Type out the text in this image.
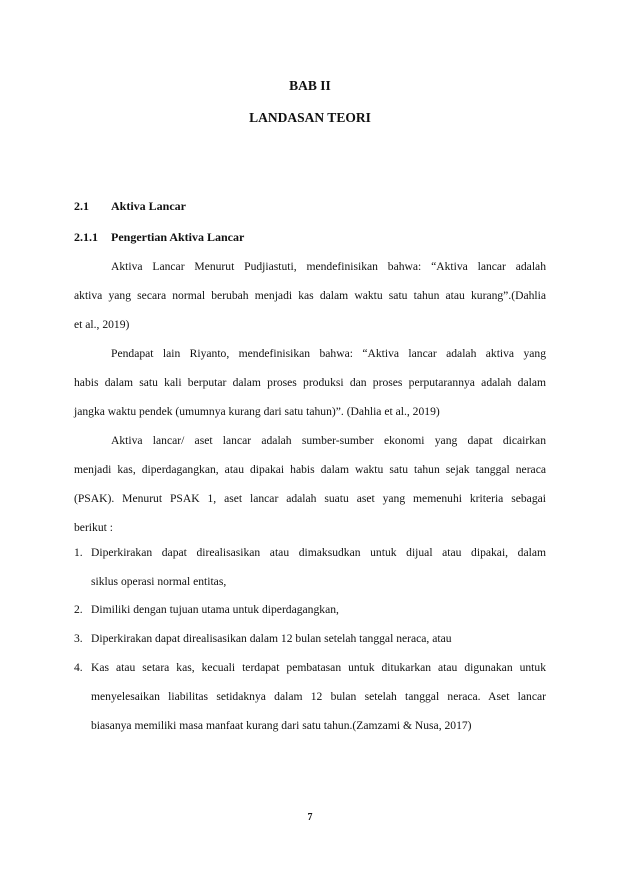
BAB II
LANDASAN TEORI
2.1 Aktiva Lancar
2.1.1 Pengertian Aktiva Lancar
Aktiva Lancar Menurut Pudjiastuti, mendefinisikan bahwa: “Aktiva lancar adalah
aktiva yang secara normal berubah menjadi kas dalam waktu satu tahun atau kurang”.(Dahlia
et al., 2019)
Pendapat lain Riyanto, mendefinisikan bahwa: “Aktiva lancar adalah aktiva yang
habis dalam satu kali berputar dalam proses produksi dan proses perputarannya adalah dalam
jangka waktu pendek (umumnya kurang dari satu tahun)”. (Dahlia et al., 2019)
Aktiva lancar/ aset lancar adalah sumber-sumber ekonomi yang dapat dicairkan
menjadi kas, diperdagangkan, atau dipakai habis dalam waktu satu tahun sejak tanggal neraca
(PSAK). Menurut PSAK 1, aset lancar adalah suatu aset yang memenuhi kriteria sebagai
berikut :
1. Diperkirakan dapat direalisasikan atau dimaksudkan untuk dijual atau dipakai, dalam
siklus operasi normal entitas,
2. Dimiliki dengan tujuan utama untuk diperdagangkan,
3. Diperkirakan dapat direalisasikan dalam 12 bulan setelah tanggal neraca, atau
4. Kas atau setara kas, kecuali terdapat pembatasan untuk ditukarkan atau digunakan untuk
menyelesaikan liabilitas setidaknya dalam 12 bulan setelah tanggal neraca. Aset lancar
biasanya memiliki masa manfaat kurang dari satu tahun.(Zamzami & Nusa, 2017)
7
